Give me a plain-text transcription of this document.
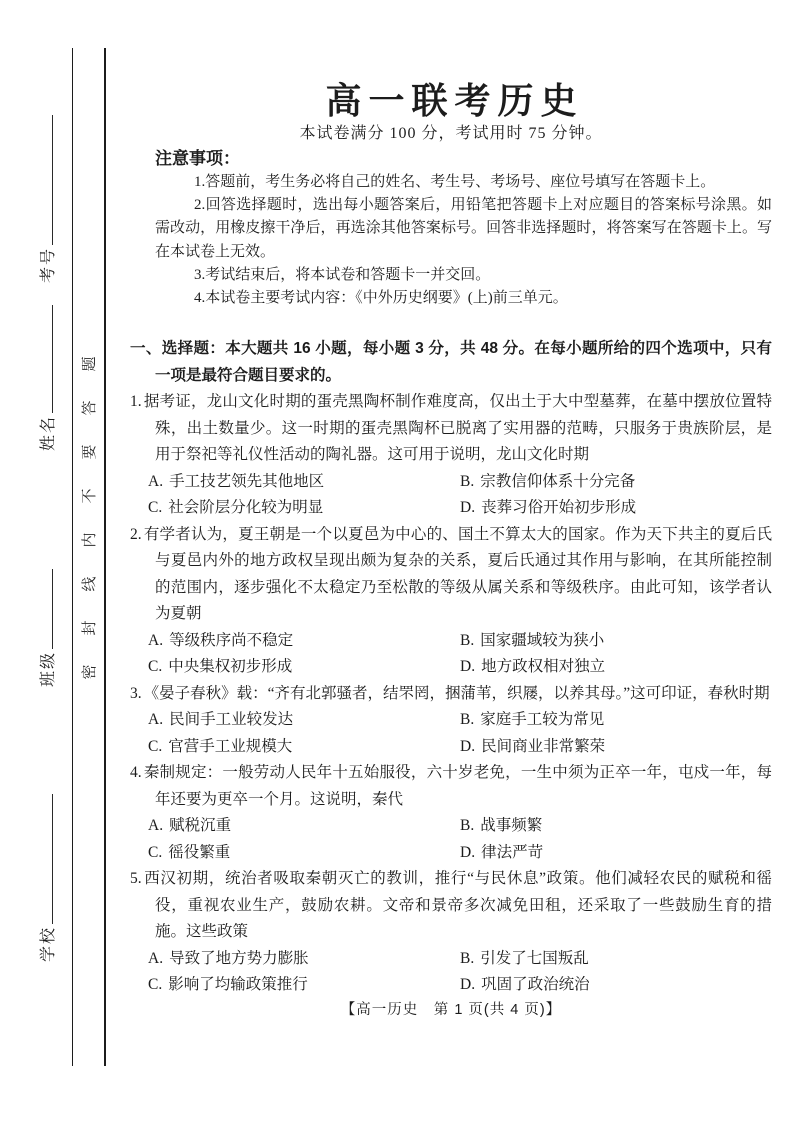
考号
姓名
班级
学校
题
答
要
不
内
线
封
密
高一联考历史

本试卷满分 100 分，考试用时 75 分钟。

注意事项：

1.答题前，考生务必将自己的姓名、考生号、考场号、座位号填写在答题卡上。

2.回答选择题时，选出每小题答案后，用铅笔把答题卡上对应题目的答案标号涂黑。如需改动，用橡皮擦干净后，再选涂其他答案标号。回答非选择题时，将答案写在答题卡上。写在本试卷上无效。

3.考试结束后，将本试卷和答题卡一并交回。

4.本试卷主要考试内容：《中外历史纲要》(上)前三单元。

一、选择题：本大题共 16 小题，每小题 3 分，共 48 分。在每小题所给的四个选项中，只有一项是最符合题目要求的。

1. 据考证，龙山文化时期的蛋壳黑陶杯制作难度高，仅出土于大中型墓葬，在墓中摆放位置特殊，出土数量少。这一时期的蛋壳黑陶杯已脱离了实用器的范畴，只服务于贵族阶层，是用于祭祀等礼仪性活动的陶礼器。这可用于说明，龙山文化时期

A. 手工技艺领先其他地区	B. 宗教信仰体系十分完备
C. 社会阶层分化较为明显	D. 丧葬习俗开始初步形成

2. 有学者认为，夏王朝是一个以夏邑为中心的、国土不算太大的国家。作为天下共主的夏后氏与夏邑内外的地方政权呈现出颇为复杂的关系，夏后氏通过其作用与影响，在其所能控制的范围内，逐步强化不太稳定乃至松散的等级从属关系和等级秩序。由此可知，该学者认为夏朝

A. 等级秩序尚不稳定	B. 国家疆域较为狭小
C. 中央集权初步形成	D. 地方政权相对独立

3. 《晏子春秋》载：“齐有北郭骚者，结罘罔，捆蒲苇，织屦，以养其母。”这可印证，春秋时期

A. 民间手工业较发达	B. 家庭手工较为常见
C. 官营手工业规模大	D. 民间商业非常繁荣

4. 秦制规定：一般劳动人民年十五始服役，六十岁老免，一生中须为正卒一年，屯戍一年，每年还要为更卒一个月。这说明，秦代

A. 赋税沉重	B. 战事频繁
C. 徭役繁重	D. 律法严苛

5. 西汉初期，统治者吸取秦朝灭亡的教训，推行“与民休息”政策。他们减轻农民的赋税和徭役，重视农业生产，鼓励农耕。文帝和景帝多次减免田租，还采取了一些鼓励生育的措施。这些政策

A. 导致了地方势力膨胀	B. 引发了七国叛乱
C. 影响了均输政策推行	D. 巩固了政治统治

【高一历史　第 1 页(共 4 页)】
